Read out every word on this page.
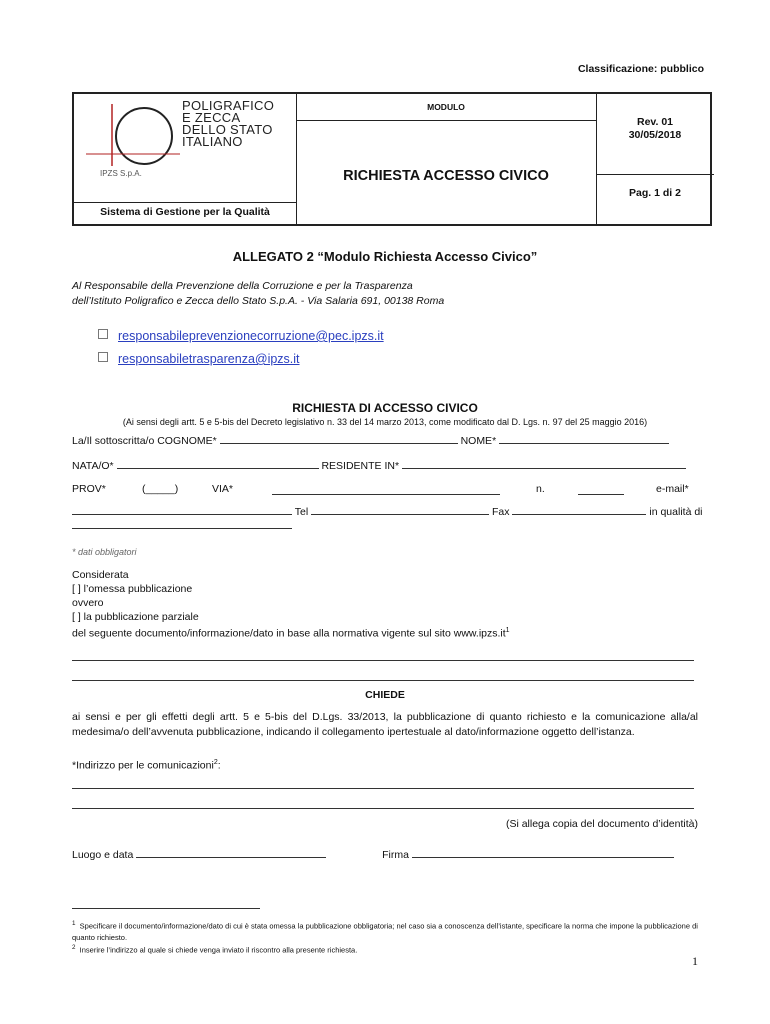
Classificazione: pubblico
POLIGRAFICO
E ZECCA
DELLO STATO
ITALIANO
IPZS S.p.A.
Sistema di Gestione per la Qualità
MODULO
RICHIESTA ACCESSO CIVICO
Rev. 01
30/05/2018
Pag. 1 di 2
ALLEGATO 2 “Modulo Richiesta Accesso Civico”
Al Responsabile della Prevenzione della Corruzione e per la Trasparenza
dell’Istituto Poligrafico e Zecca dello Stato S.p.A. - Via Salaria 691, 00138 Roma
responsabileprevenzionecorruzione@pec.ipzs.it
responsabiletrasparenza@ipzs.it
RICHIESTA DI ACCESSO CIVICO
(Ai sensi degli artt. 5 e 5-bis del Decreto legislativo n. 33 del 14 marzo 2013, come modificato dal D. Lgs. n. 97 del 25 maggio 2016)
La/Il sottoscritta/o COGNOME*	NOME*
NATA/O*	RESIDENTE IN*
PROV*	(_____)	VIA*	n.	e-mail*
Tel	Fax	in qualità di
* dati obbligatori
Considerata
[ ] l’omessa pubblicazione
ovvero
[ ] la pubblicazione parziale
del seguente documento/informazione/dato in base alla normativa vigente sul sito $www.ipzs.it^1$
CHIEDE
ai sensi e per gli effetti degli artt. 5 e 5-bis del D.Lgs. 33/2013, la pubblicazione di quanto richiesto e la comunicazione alla/al medesima/o dell’avvenuta pubblicazione, indicando il collegamento ipertestuale al dato/informazione oggetto dell’istanza.
*Indirizzo per le comunicazioni$^2$:
(Si allega copia del documento d’identità)
Luogo e data	Firma
$^1$ Specificare il documento/informazione/dato di cui è stata omessa la pubblicazione obbligatoria; nel caso sia a conoscenza dell’istante, specificare la norma che impone la pubblicazione di quanto richiesto.
$^2$ Inserire l’indirizzo al quale si chiede venga inviato il riscontro alla presente richiesta.
1
